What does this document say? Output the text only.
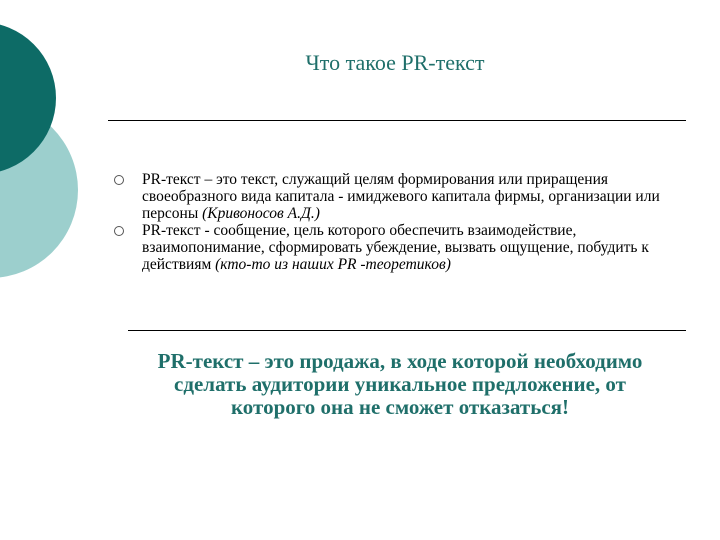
Что такое PR-текст
PR-текст – это текст, служащий целям формирования или приращения своеобразного вида капитала - имиджевого капитала фирмы, организации или персоны (Кривоносов А.Д.)
PR-текст - сообщение, цель которого обеспечить взаимодействие, взаимопонимание, сформировать убеждение, вызвать ощущение, побудить к действиям (кто-то из наших PR -теоретиков)
PR-текст – это продажа, в ходе которой необходимо сделать аудитории уникальное предложение, от которого она не сможет отказаться!
